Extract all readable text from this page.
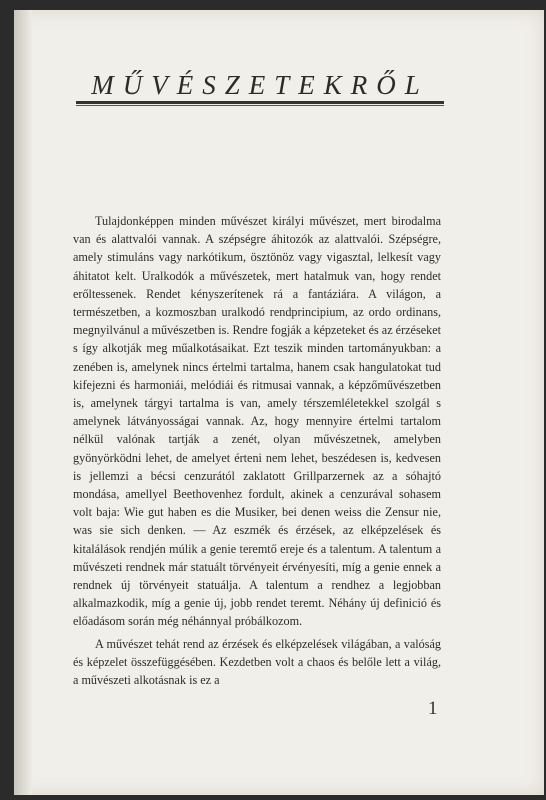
MŰVÉSZETEKRŐL

Tulajdonképpen minden művészet királyi művészet, mert birodalma van és alattvalói vannak. A szépségre áhitozók az alattvalói. Szépségre, amely stimuláns vagy narkótikum, ösztönöz vagy vigasztal, lelkesít vagy áhitatot kelt. Uralkodók a művészetek, mert hatalmuk van, hogy rendet erőltessenek. Rendet kényszerítenek rá a fantáziára. A világon, a természetben, a kozmoszban uralkodó rendprincipium, az ordo ordinans, megnyilvánul a művészetben is. Rendre fogják a képzeteket és az érzéseket s így alkotják meg műalkotásaikat. Ezt teszik minden tartományukban: a zenében is, amelynek nincs értelmi tartalma, hanem csak hangulatokat tud kifejezni és harmoniái, melódiái és ritmusai vannak, a képzőművészetben is, amelynek tárgyi tartalma is van, amely térszemléletekkel szolgál s amelynek látványosságai vannak. Az, hogy mennyire értelmi tartalom nélkül valónak tartják a zenét, olyan művészetnek, amelyben gyönyörködni lehet, de amelyet érteni nem lehet, beszédesen is, kedvesen is jellemzi a bécsi cenzurától zaklatott Grillparzernek az a sóhajtó mondása, amellyel Beethovenhez fordult, akinek a cenzurával sohasem volt baja: Wie gut haben es die Musiker, bei denen weiss die Zensur nie, was sie sich denken. — Az eszmék és érzések, az elképzelések és kitalálások rendjén múlik a genie teremtő ereje és a talentum. A talentum a művészeti rendnek már statuált törvényeit érvényesíti, míg a genie ennek a rendnek új törvényeit statuálja. A talentum a rendhez a legjobban alkalmazkodik, míg a genie új, jobb rendet teremt. Néhány új definició és előadásom során még néhánnyal próbálkozom.

A művészet tehát rend az érzések és elképzelések világában, a valóság és képzelet összefüggésében. Kezdetben volt a chaos és belőle lett a világ, a művészeti alkotásnak is ez a

1
